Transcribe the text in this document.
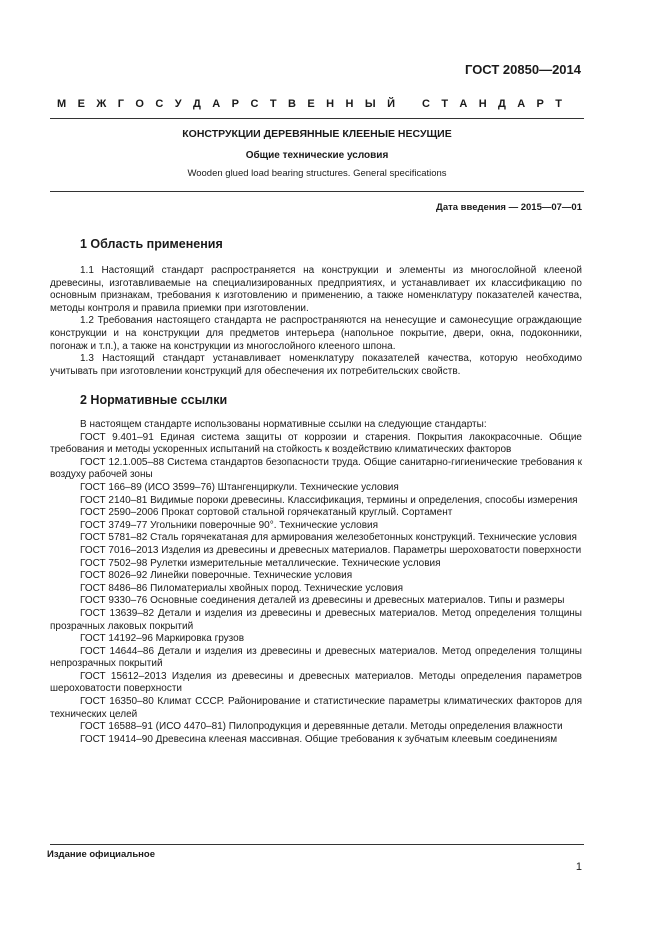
ГОСТ 20850—2014
М Е Ж Г О С У Д А Р С Т В Е Н Н Ы Й С Т А Н Д А Р Т
КОНСТРУКЦИИ ДЕРЕВЯННЫЕ КЛЕЕНЫЕ НЕСУЩИЕ
Общие технические условия
Wooden glued load bearing structures. General specifications
Дата введения — 2015—07—01
1 Область применения

1.1 Настоящий стандарт распространяется на конструкции и элементы из многослойной клееной древесины, изготавливаемые на специализированных предприятиях, и устанавливает их классификацию по основным признакам, требования к изготовлению и применению, а также номенклатуру показателей качества, методы контроля и правила приемки при изготовлении.

1.2 Требования настоящего стандарта не распространяются на ненесущие и самонесущие ограждающие конструкции и на конструкции для предметов интерьера (напольное покрытие, двери, окна, подоконники, погонаж и т.п.), а также на конструкции из многослойного клееного шпона.

1.3 Настоящий стандарт устанавливает номенклатуру показателей качества, которую необходимо учитывать при изготовлении конструкций для обеспечения их потребительских свойств.

2 Нормативные ссылки

В настоящем стандарте использованы нормативные ссылки на следующие стандарты:

ГОСТ 9.401–91 Единая система защиты от коррозии и старения. Покрытия лакокрасочные. Общие требования и методы ускоренных испытаний на стойкость к воздействию климатических факторов

ГОСТ 12.1.005–88 Система стандартов безопасности труда. Общие санитарно-гигиенические требования к воздуху рабочей зоны

ГОСТ 166–89 (ИСО 3599–76) Штангенциркули. Технические условия

ГОСТ 2140–81 Видимые пороки древесины. Классификация, термины и определения, способы измерения

ГОСТ 2590–2006 Прокат сортовой стальной горячекатаный круглый. Сортамент

ГОСТ 3749–77 Угольники поверочные 90°. Технические условия

ГОСТ 5781–82 Сталь горячекатаная для армирования железобетонных конструкций. Технические условия

ГОСТ 7016–2013 Изделия из древесины и древесных материалов. Параметры шероховатости поверхности

ГОСТ 7502–98 Рулетки измерительные металлические. Технические условия

ГОСТ 8026–92 Линейки поверочные. Технические условия

ГОСТ 8486–86 Пиломатериалы хвойных пород. Технические условия

ГОСТ 9330–76 Основные соединения деталей из древесины и древесных материалов. Типы и размеры

ГОСТ 13639–82 Детали и изделия из древесины и древесных материалов. Метод определения толщины прозрачных лаковых покрытий

ГОСТ 14192–96 Маркировка грузов

ГОСТ 14644–86 Детали и изделия из древесины и древесных материалов. Метод определения толщины непрозрачных покрытий

ГОСТ 15612–2013 Изделия из древесины и древесных материалов. Методы определения параметров шероховатости поверхности

ГОСТ 16350–80 Климат СССР. Районирование и статистические параметры климатических факторов для технических целей

ГОСТ 16588–91 (ИСО 4470–81) Пилопродукция и деревянные детали. Методы определения влажности

ГОСТ 19414–90 Древесина клееная массивная. Общие требования к зубчатым клеевым соединениям

Издание официальное
1
